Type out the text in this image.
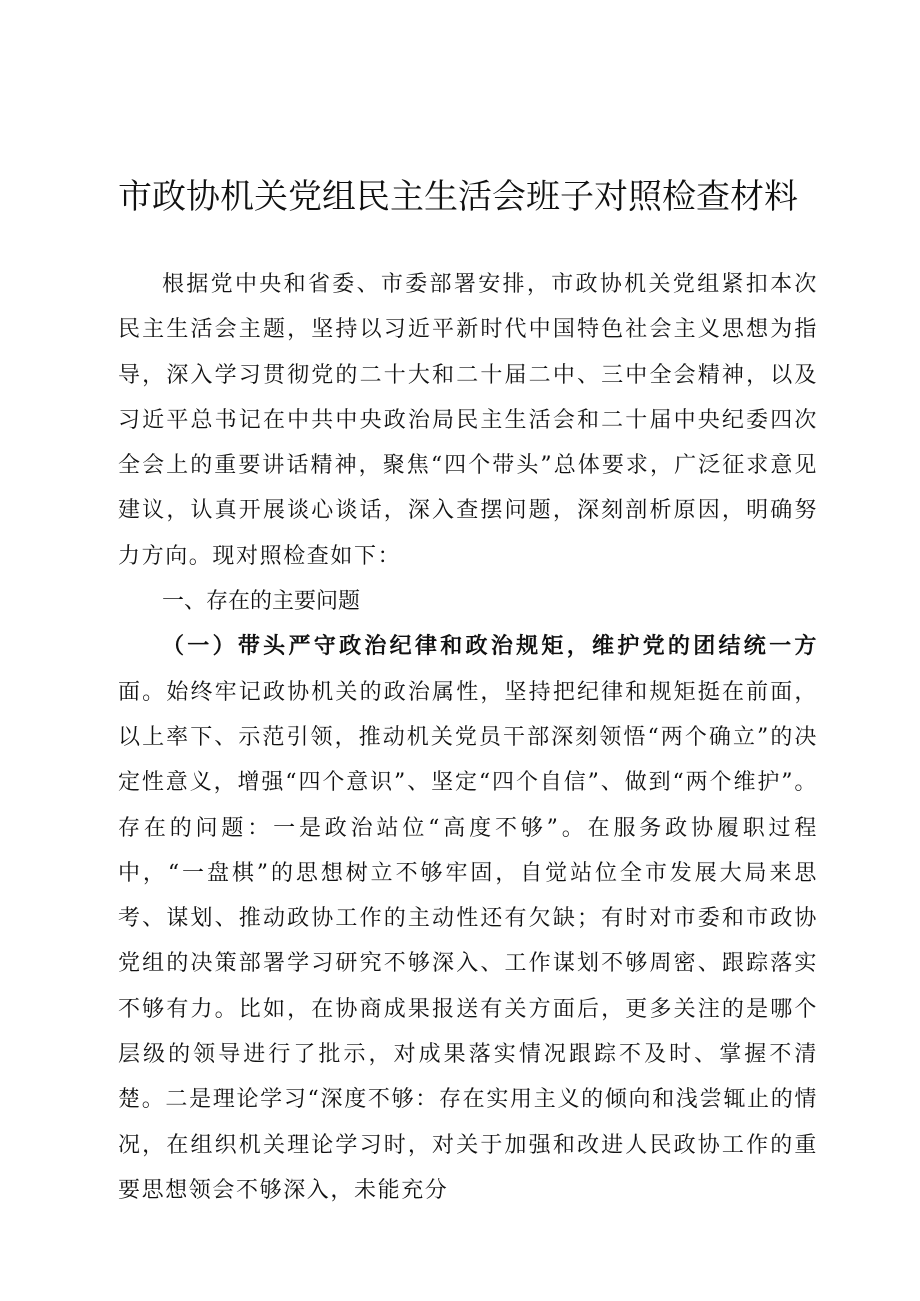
市政协机关党组民主生活会班子对照检查材料

根据党中央和省委、市委部署安排，市政协机关党组紧扣本次民主生活会主题，坚持以习近平新时代中国特色社会主义思想为指导，深入学习贯彻党的二十大和二十届二中、三中全会精神，以及习近平总书记在中共中央政治局民主生活会和二十届中央纪委四次全会上的重要讲话精神，聚焦“四个带头”总体要求，广泛征求意见建议，认真开展谈心谈话，深入查摆问题，深刻剖析原因，明确努力方向。现对照检查如下：

一、存在的主要问题

（一）带头严守政治纪律和政治规矩，维护党的团结统一方面。始终牢记政协机关的政治属性，坚持把纪律和规矩挺在前面，以上率下、示范引领，推动机关党员干部深刻领悟“两个确立”的决定性意义，增强“四个意识”、坚定“四个自信”、做到“两个维护”。存在的问题：一是政治站位“高度不够”。在服务政协履职过程中，“一盘棋”的思想树立不够牢固，自觉站位全市发展大局来思考、谋划、推动政协工作的主动性还有欠缺；有时对市委和市政协党组的决策部署学习研究不够深入、工作谋划不够周密、跟踪落实不够有力。比如，在协商成果报送有关方面后，更多关注的是哪个层级的领导进行了批示，对成果落实情况跟踪不及时、掌握不清楚。二是理论学习“深度不够：存在实用主义的倾向和浅尝辄止的情况，在组织机关理论学习时，对关于加强和改进人民政协工作的重要思想领会不够深入，未能充分
